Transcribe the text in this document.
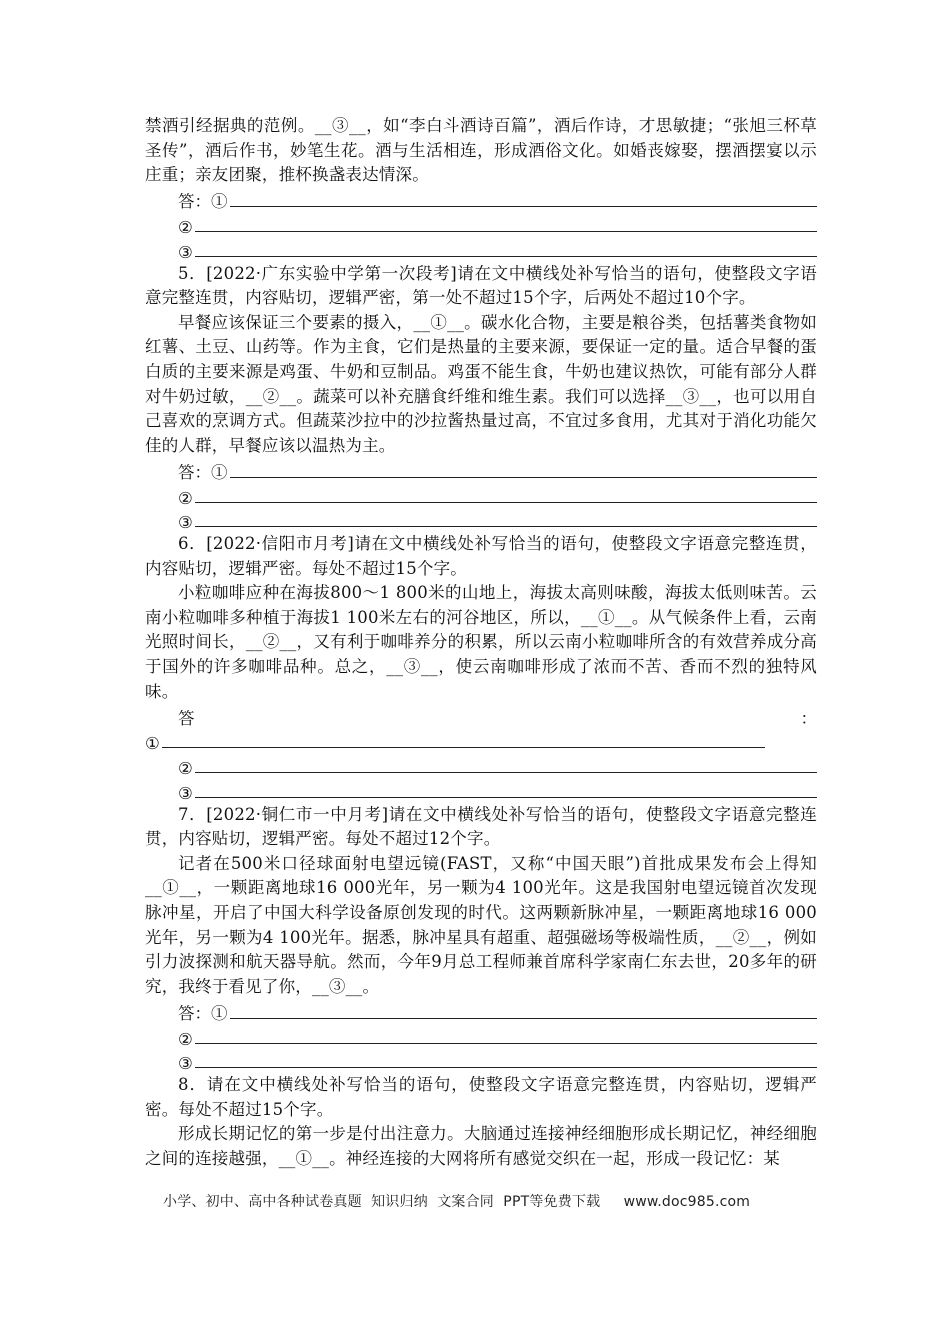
禁酒引经据典的范例。__③__，如“李白斗酒诗百篇”，酒后作诗，才思敏捷；“张旭三杯草圣传”，酒后作书，妙笔生花。酒与生活相连，形成酒俗文化。如婚丧嫁娶，摆酒摆宴以示庄重；亲友团聚，推杯换盏表达情深。

答：①
②
③

5．[2022·广东实验中学第一次段考]请在文中横线处补写恰当的语句，使整段文字语意完整连贯，内容贴切，逻辑严密，第一处不超过15个字，后两处不超过10个字。

早餐应该保证三个要素的摄入，__①__。碳水化合物，主要是粮谷类，包括薯类食物如红薯、土豆、山药等。作为主食，它们是热量的主要来源，要保证一定的量。适合早餐的蛋白质的主要来源是鸡蛋、牛奶和豆制品。鸡蛋不能生食，牛奶也建议热饮，可能有部分人群对牛奶过敏，__②__。蔬菜可以补充膳食纤维和维生素。我们可以选择__③__，也可以用自己喜欢的烹调方式。但蔬菜沙拉中的沙拉酱热量过高，不宜过多食用，尤其对于消化功能欠佳的人群，早餐应该以温热为主。

答：①
②
③

6．[2022·信阳市月考]请在文中横线处补写恰当的语句，使整段文字语意完整连贯，内容贴切，逻辑严密。每处不超过15个字。

小粒咖啡应种在海拔800～1 800米的山地上，海拔太高则味酸，海拔太低则味苦。云南小粒咖啡多种植于海拔1 100米左右的河谷地区，所以，__①__。从气候条件上看，云南光照时间长，__②__，又有利于咖啡养分的积累，所以云南小粒咖啡所含的有效营养成分高于国外的许多咖啡品种。总之，__③__，使云南咖啡形成了浓而不苦、香而不烈的独特风味。

答	：
①
②
③

7．[2022·铜仁市一中月考]请在文中横线处补写恰当的语句，使整段文字语意完整连贯，内容贴切，逻辑严密。每处不超过12个字。

记者在500米口径球面射电望远镜(FAST，又称“中国天眼”)首批成果发布会上得知__①__，一颗距离地球16 000光年，另一颗为4 100光年。这是我国射电望远镜首次发现脉冲星，开启了中国大科学设备原创发现的时代。这两颗新脉冲星，一颗距离地球16 000光年，另一颗为4 100光年。据悉，脉冲星具有超重、超强磁场等极端性质，__②__，例如引力波探测和航天器导航。然而，今年9月总工程师兼首席科学家南仁东去世，20多年的研究，我终于看见了你，__③__。

答：①
②
③

8．请在文中横线处补写恰当的语句，使整段文字语意完整连贯，内容贴切，逻辑严密。每处不超过15个字。

形成长期记忆的第一步是付出注意力。大脑通过连接神经细胞形成长期记忆，神经细胞之间的连接越强，__①__。神经连接的大网将所有感觉交织在一起，形成一段记忆：某

小学、初中、高中各种试卷真题  知识归纳  文案合同  PPT等免费下载     www.doc985.com
